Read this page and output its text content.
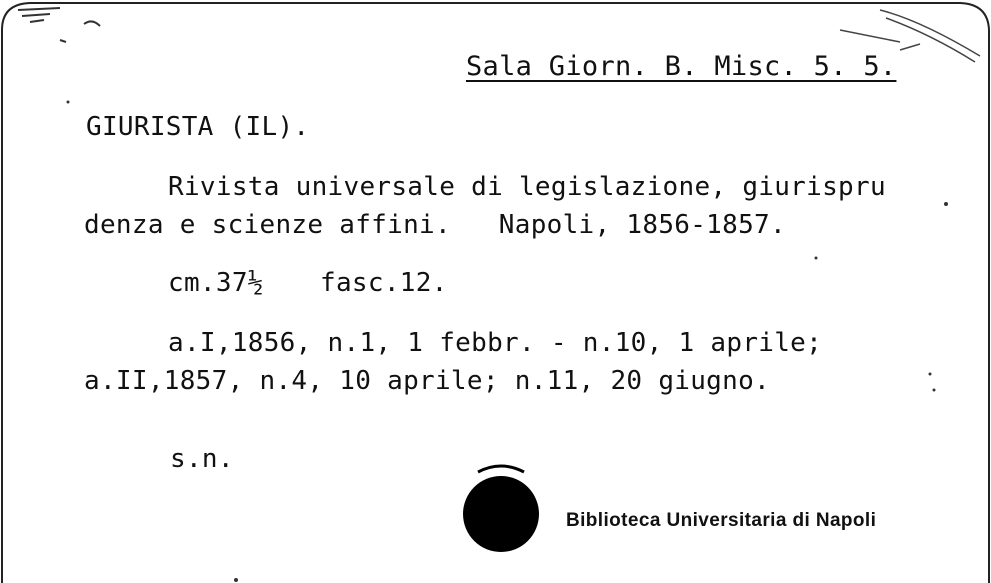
Sala Giorn. B. Misc. 5. 5.
GIURISTA (IL).
Rivista universale di legislazione, giurispru
denza e scienze affini.   Napoli, 1856-1857.
cm.37½ fasc.12.
a.I,1856, n.1, 1 febbr. - n.10, 1 aprile;
a.II,1857, n.4, 10 aprile; n.11, 20 giugno.
s.n.
Biblioteca Universitaria di Napoli
